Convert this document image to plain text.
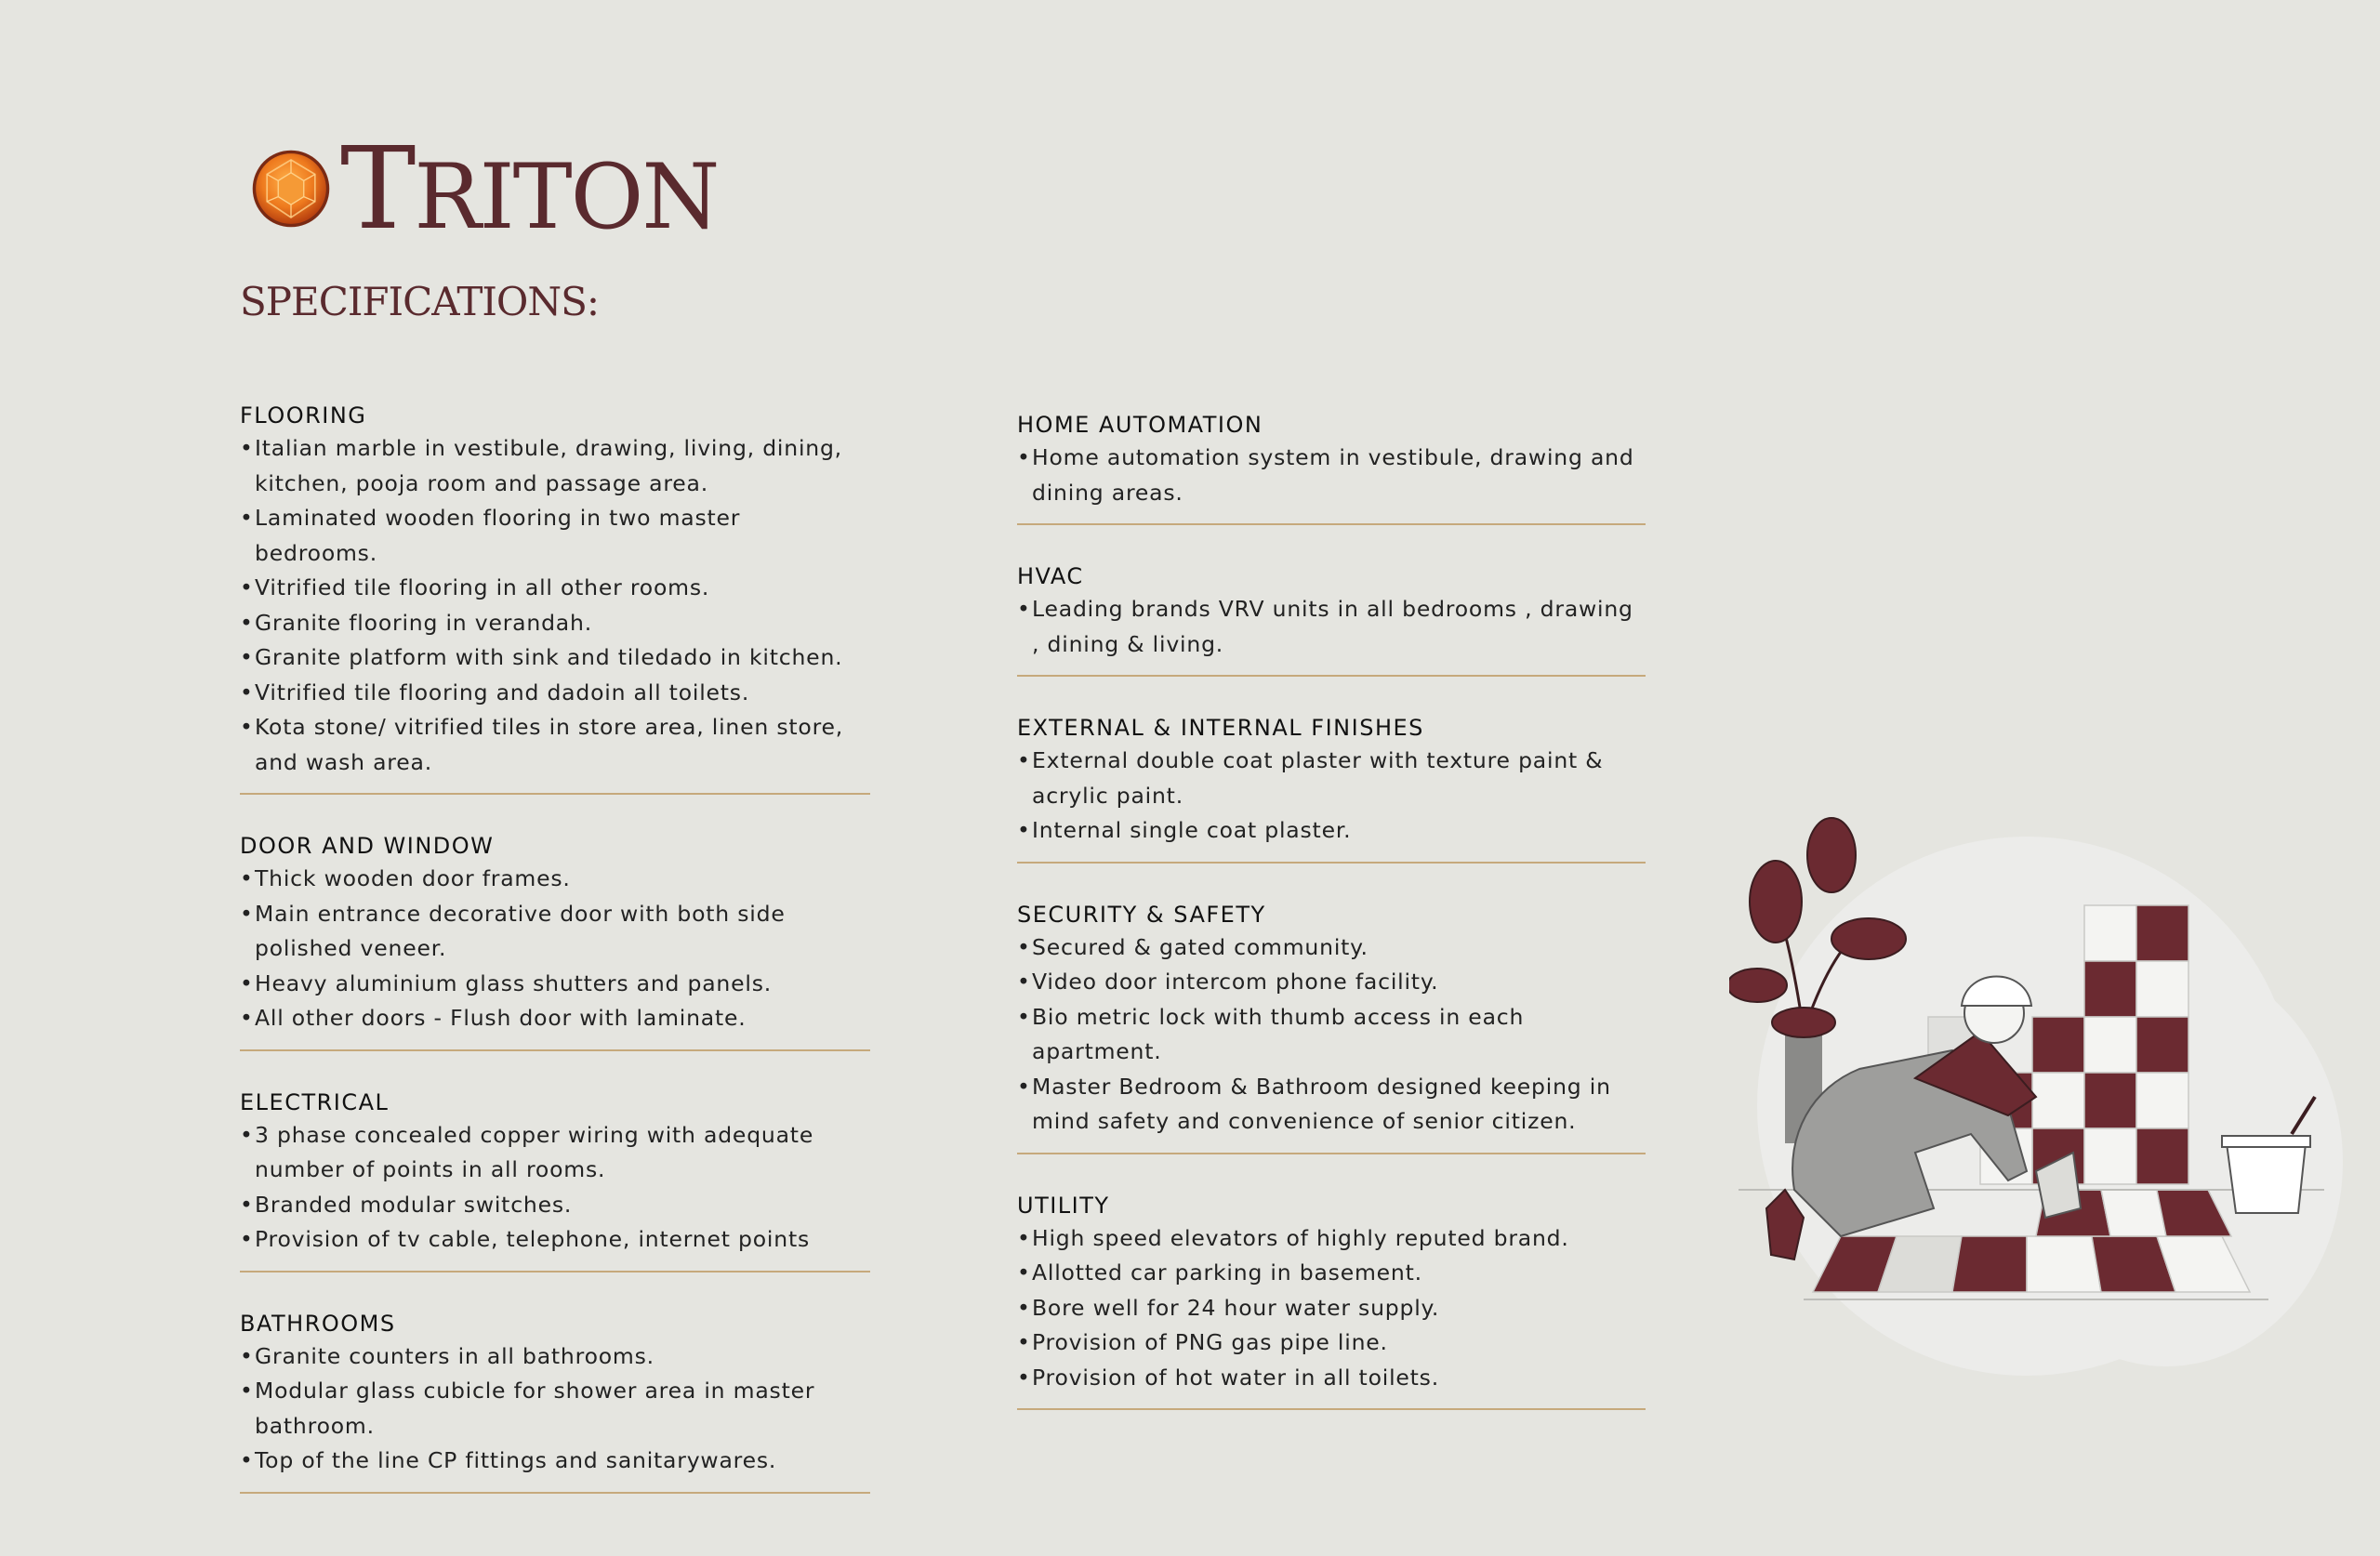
TRITON
SPECIFICATIONS:
FLOORING
• Italian marble in vestibule, drawing, living, dining, kitchen, pooja room and passage area.
• Laminated wooden flooring in two master bedrooms.
• Vitrified tile flooring in all other rooms.
• Granite flooring in verandah.
• Granite platform with sink and tiledado in kitchen.
• Vitrified tile flooring and dadoin all toilets.
• Kota stone/ vitrified tiles in store area, linen store, and wash area.
DOOR AND WINDOW
• Thick wooden door frames.
• Main entrance decorative door with both side polished veneer.
• Heavy aluminium glass shutters and panels.
• All other doors - Flush door with laminate.
ELECTRICAL
• 3 phase concealed copper wiring with adequate number of points in all rooms.
• Branded modular switches.
• Provision of tv cable, telephone, internet points
BATHROOMS
• Granite counters in all bathrooms.
• Modular glass cubicle for shower area in master bathroom.
• Top of the line CP fittings and sanitarywares.
HOME AUTOMATION
• Home automation system in vestibule, drawing and dining areas.
HVAC
• Leading brands VRV units in all bedrooms , drawing , dining & living.
EXTERNAL & INTERNAL FINISHES
• External double coat plaster with texture paint & acrylic paint.
• Internal single coat plaster.
SECURITY & SAFETY
• Secured & gated community.
• Video door intercom phone facility.
• Bio metric lock with thumb access in each apartment.
• Master Bedroom & Bathroom designed keeping in mind safety and convenience of senior citizen.
UTILITY
• High speed elevators of highly reputed brand.
• Allotted car parking in basement.
• Bore well for 24 hour water supply.
• Provision of PNG gas pipe line.
• Provision of hot water in all toilets.
